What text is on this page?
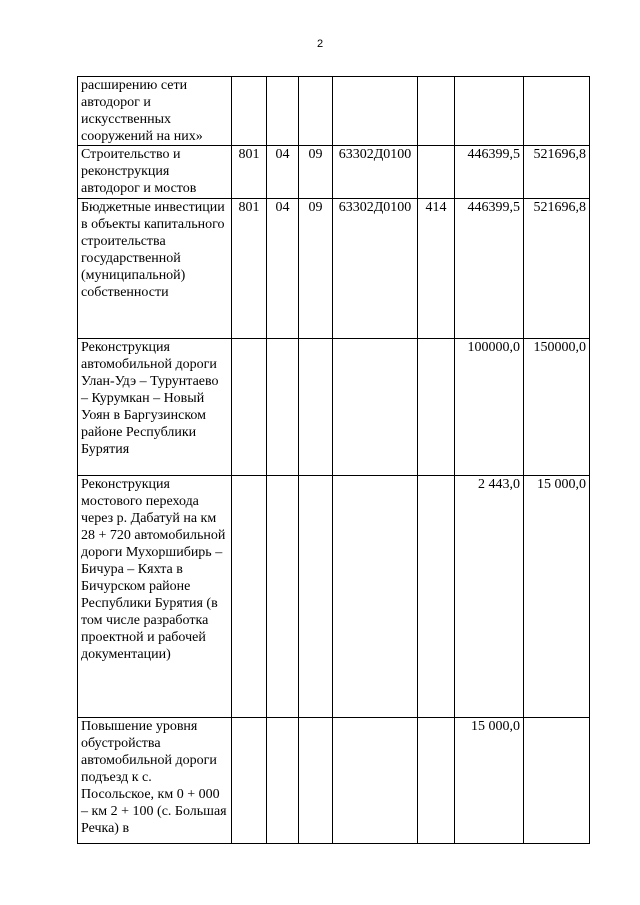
2
расширению сети автодорог и искусственных сооружений на них»							
Строительство и реконструкция автодорог и мостов	801	04	09	63302Д0100		446399,5	521696,8
Бюджетные инвестиции в объекты капитального строительства государственной (муниципальной) собственности	801	04	09	63302Д0100	414	446399,5	521696,8
Реконструкция автомобильной дороги Улан-Удэ – Турунтаево – Курумкан – Новый Уоян в Баргузинском районе Республики Бурятия						100000,0	150000,0
Реконструкция мостового перехода через р. Дабатуй на км 28 + 720 автомобильной дороги Мухоршибирь – Бичура – Кяхта в Бичурском районе Республики Бурятия (в том числе разработка проектной и рабочей документации)						2 443,0	15 000,0
Повышение уровня обустройства автомобильной дороги подъезд к с. Посольское, км 0 + 000 – км 2 + 100 (с. Большая Речка) в						15 000,0	
